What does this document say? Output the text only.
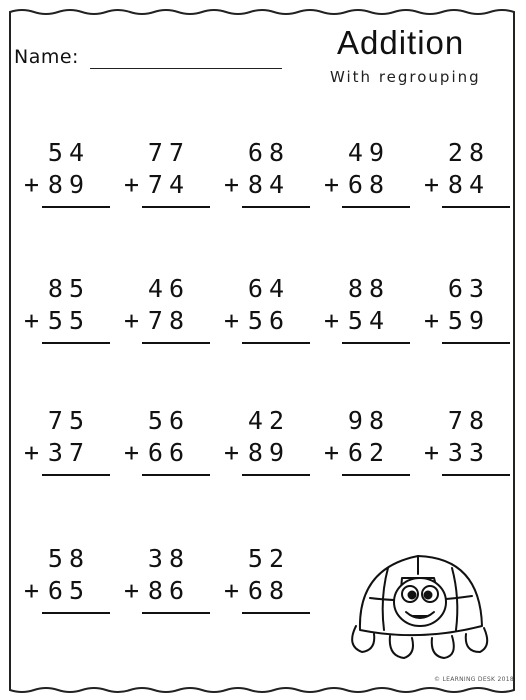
Name:	Addition
With regrouping
54
+ 89
77
+ 74
68
+ 84
49
+ 68
28
+ 84
85
+ 55
46
+ 78
64
+ 56
88
+ 54
63
+ 59
75
+ 37
56
+ 66
42
+ 89
98
+ 62
78
+ 33
58
+ 65
38
+ 86
52
+ 68
© LEARNING DESK 2018
